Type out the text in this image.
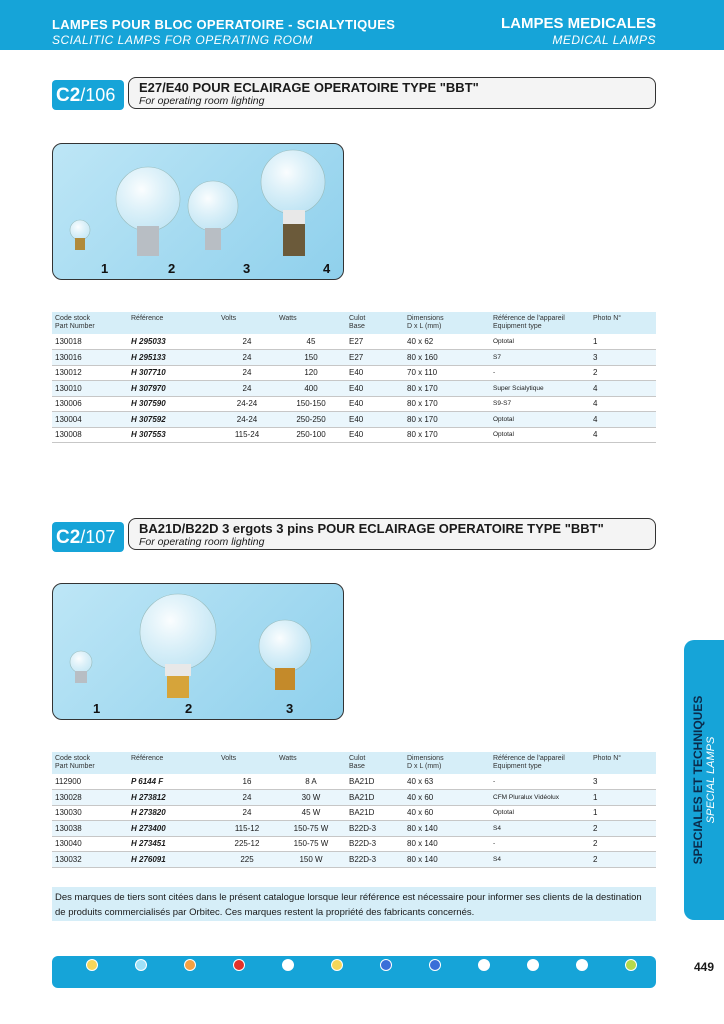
LAMPES POUR BLOC OPERATOIRE - SCIALYTIQUES
SCIALITIC LAMPS FOR OPERATING ROOM
LAMPES MEDICALES
MEDICAL LAMPS
C2/106	E27/E40 POUR ECLAIRAGE OPERATOIRE TYPE "BBT"
For operating room lighting
1	2	3	4
Code stock
Part Number	Référence	Volts	Watts	Culot
Base	Dimensions
D x L (mm)	Référence de l'appareil
Equipment type	Photo N°
130018	H 295033	24	45	E27	40 x 62	Optotal	1
130016	H 295133	24	150	E27	80 x 160	S7	3
130012	H 307710	24	120	E40	70 x 110	-	2
130010	H 307970	24	400	E40	80 x 170	Super Scialytique	4
130006	H 307590	24-24	150-150	E40	80 x 170	S9-S7	4
130004	H 307592	24-24	250-250	E40	80 x 170	Optotal	4
130008	H 307553	115-24	250-100	E40	80 x 170	Optotal	4
C2/107	BA21D/B22D 3 ergots 3 pins POUR ECLAIRAGE OPERATOIRE TYPE "BBT"
For operating room lighting
1	2	3
Code stock
Part Number	Référence	Volts	Watts	Culot
Base	Dimensions
D x L (mm)	Référence de l'appareil
Equipment type	Photo N°
112900	P 6144 F	16	8 A	BA21D	40 x 63	-	3
130028	H 273812	24	30 W	BA21D	40 x 60	CFM Pluralux Vidéolux	1
130030	H 273820	24	45 W	BA21D	40 x 60	Optotal	1
130038	H 273400	115-12	150-75 W	B22D-3	80 x 140	S4	2
130040	H 273451	225-12	150-75 W	B22D-3	80 x 140	-	2
130032	H 276091	225	150 W	B22D-3	80 x 140	S4	2
Des marques de tiers sont citées dans le présent catalogue lorsque leur référence est nécessaire pour informer ses clients de la destination de produits commercialisés par Orbitec. Ces marques restent la propriété des fabricants concernés.
SPECIALES ET TECHNIQUES SPECIAL LAMPS
449
